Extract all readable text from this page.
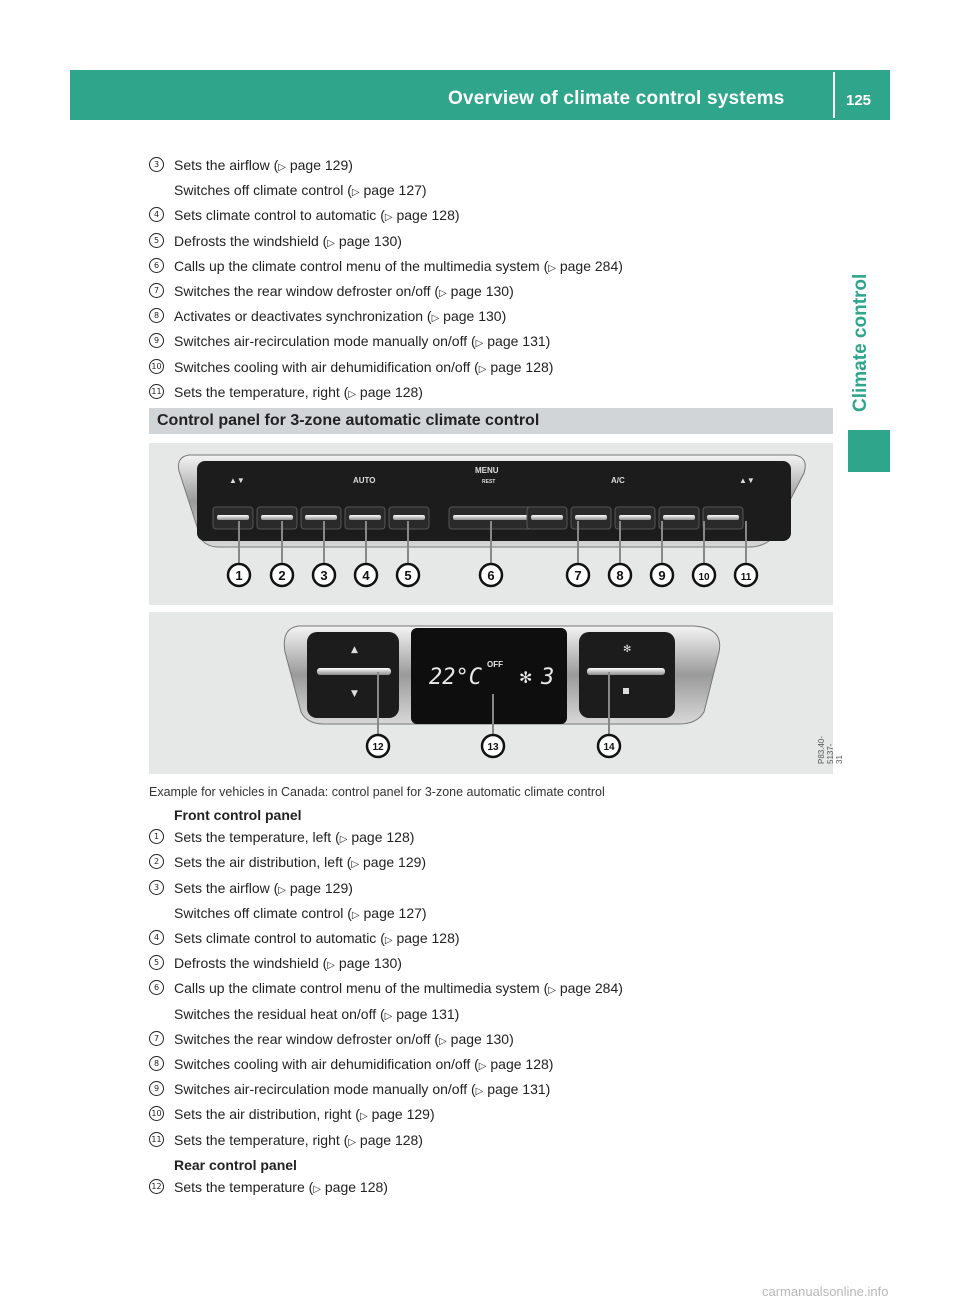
Overview of climate control systems	125
Climate control
3	Sets the airflow (▷ page 129)
Switches off climate control (▷ page 127)
4	Sets climate control to automatic (▷ page 128)
5	Defrosts the windshield (▷ page 130)
6	Calls up the climate control menu of the multimedia system (▷ page 284)
7	Switches the rear window defroster on/off (▷ page 130)
8	Activates or deactivates synchronization (▷ page 130)
9	Switches air-recirculation mode manually on/off (▷ page 131)
10 Switches cooling with air dehumidification on/off (▷ page 128)
11 Sets the temperature, right (▷ page 128)
Control panel for 3-zone automatic climate control
▲▼	AUTO
MENU
REST	A/C	▲▼
1	2	3	4	5	6	7	8	9	10	11
▲
▼
✻
22°C
OFF
✻ 3
12	13	14	P83.40-5137-31
Example for vehicles in Canada: control panel for 3-zone automatic climate control
Front control panel
1	Sets the temperature, left (▷ page 128)
2	Sets the air distribution, left (▷ page 129)
3	Sets the airflow (▷ page 129)
Switches off climate control (▷ page 127)
4	Sets climate control to automatic (▷ page 128)
5	Defrosts the windshield (▷ page 130)
6	Calls up the climate control menu of the multimedia system (▷ page 284)
Switches the residual heat on/off (▷ page 131)
7	Switches the rear window defroster on/off (▷ page 130)
8	Switches cooling with air dehumidification on/off (▷ page 128)
9	Switches air-recirculation mode manually on/off (▷ page 131)
10 Sets the air distribution, right (▷ page 129)
11 Sets the temperature, right (▷ page 128)
Rear control panel
12 Sets the temperature (▷ page 128)
carmanualsonline.info
